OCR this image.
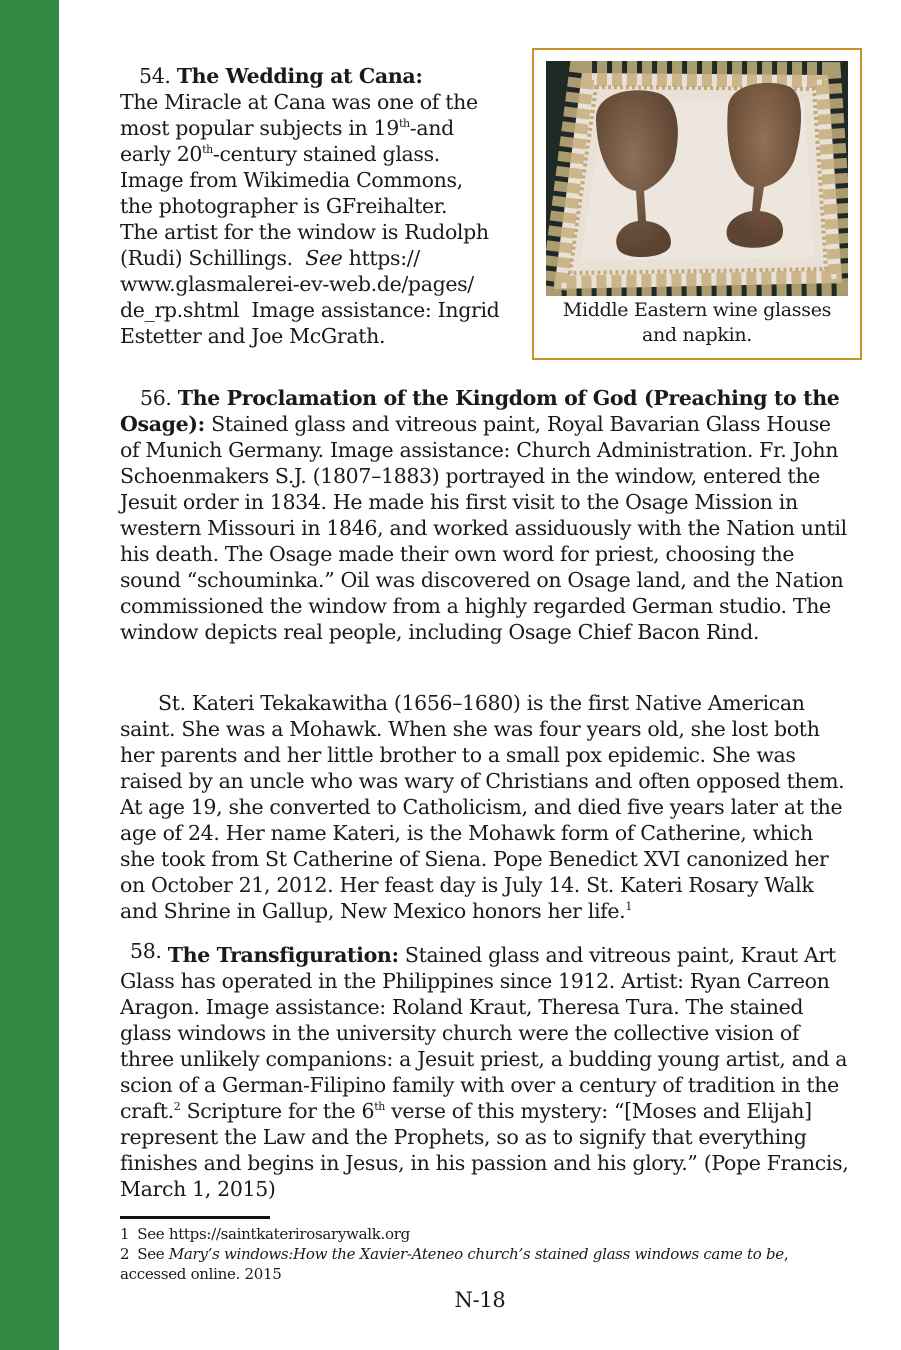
54. The Wedding at Cana:
The Miracle at Cana was one of the
most popular subjects in 19th-and
early 20th-century stained glass.
Image from Wikimedia Commons,
the photographer is GFreihalter.
The artist for the window is Rudolph
(Rudi) Schillings.  See https://
www.glasmalerei-ev-web.de/pages/
de_rp.shtml  Image assistance: Ingrid
Estetter and Joe McGrath.
Middle Eastern wine glasses
and napkin.
56. The Proclamation of the Kingdom of God (Preaching to the Osage): Stained glass and vitreous paint, Royal Bavarian Glass House of Munich Germany. Image assistance: Church Administration. Fr. John Schoenmakers S.J. (1807–1883) portrayed in the window, entered the Jesuit order in 1834. He made his first visit to the Osage Mission in western Missouri in 1846, and worked assiduously with the Nation until his death. The Osage made their own word for priest, choosing the sound “schouminka.” Oil was discovered on Osage land, and the Nation commissioned the window from a highly regarded German studio. The window depicts real people, including Osage Chief Bacon Rind.

St. Kateri Tekakawitha (1656–1680) is the first Native American saint. She was a Mohawk. When she was four years old, she lost both her parents and her little brother to a small pox epidemic. She was raised by an uncle who was wary of Christians and often opposed them. At age 19, she converted to Catholicism, and died five years later at the age of 24. Her name Kateri, is the Mohawk form of Catherine, which she took from St Catherine of Siena. Pope Benedict XVI canonized her on October 21, 2012. Her feast day is July 14. St. Kateri Rosary Walk and Shrine in Gallup, New Mexico honors her life.$^1$

58. The Transfiguration: Stained glass and vitreous paint, Kraut Art Glass has operated in the Philippines since 1912. Artist: Ryan Carreon Aragon. Image assistance: Roland Kraut, Theresa Tura. The stained glass windows in the university church were the collective vision of three unlikely companions: a Jesuit priest, a budding young artist, and a scion of a German-Filipino family with over a century of tradition in the craft.$^2$ Scripture for the 6th verse of this mystery: “[Moses and Elijah] represent the Law and the Prophets, so as to signify that everything finishes and begins in Jesus, in his passion and his glory.” (Pope Francis, March 1, 2015)
1 See https://saintkaterirosarywalk.org
2 See Mary’s windows:How the Xavier-Ateneo church’s stained glass windows came to be, accessed online. 2015
N-18
